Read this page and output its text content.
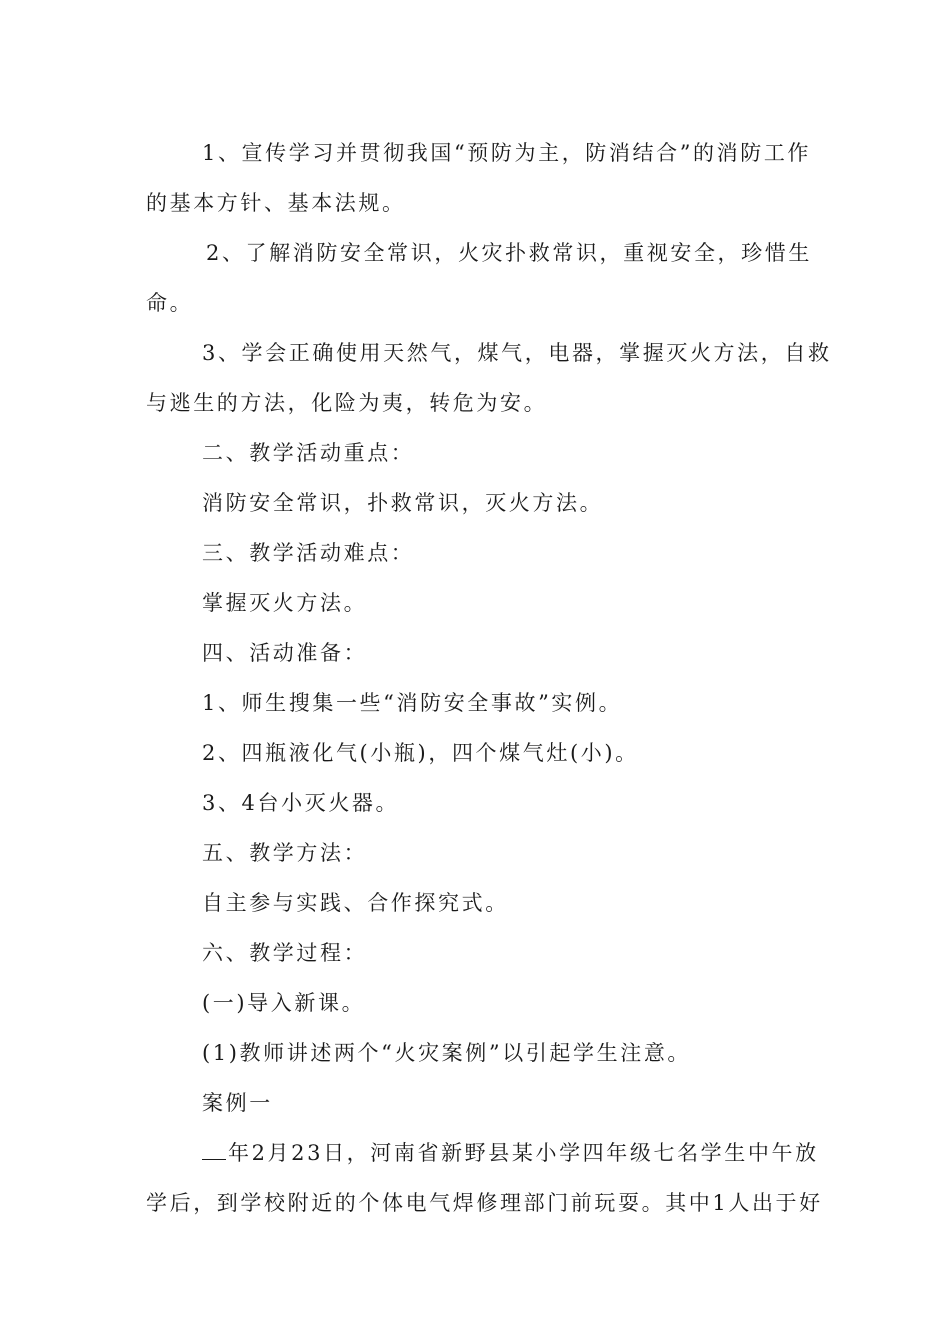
1、宣传学习并贯彻我国“预防为主，防消结合”的消防工作
的基本方针、基本法规。
2、了解消防安全常识，火灾扑救常识，重视安全，珍惜生
命。
3、学会正确使用天然气，煤气，电器，掌握灭火方法，自救
与逃生的方法，化险为夷，转危为安。
二、教学活动重点：
消防安全常识，扑救常识，灭火方法。
三、教学活动难点：
掌握灭火方法。
四、活动准备：
1、师生搜集一些“消防安全事故”实例。
2、四瓶液化气(小瓶)，四个煤气灶(小)。
3、4台小灭火器。
五、教学方法：
自主参与实践、合作探究式。
六、教学过程：
(一)导入新课。
(1)教师讲述两个“火灾案例”以引起学生注意。
案例一
年2月23日，河南省新野县某小学四年级七名学生中午放
学后，到学校附近的个体电气焊修理部门前玩耍。其中1人出于好
